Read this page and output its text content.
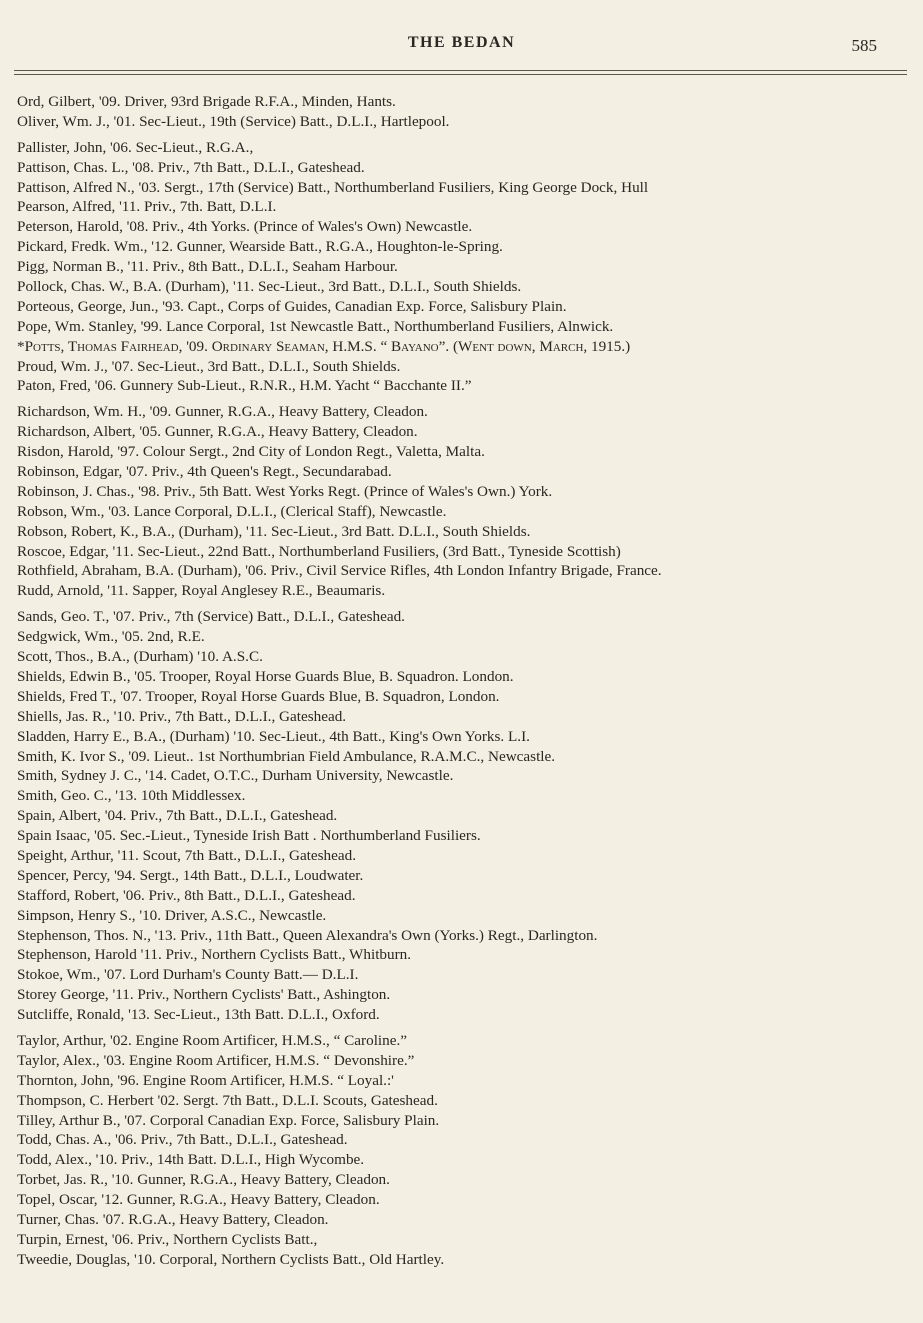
THE BEDAN	585
Ord, Gilbert, '09. Driver, 93rd Brigade R.F.A., Minden, Hants.
Oliver, Wm. J., '01. Sec-Lieut., 19th (Service) Batt., D.L.I., Hartlepool.
Pallister, John, '06. Sec-Lieut., R.G.A.,
Pattison, Chas. L., '08. Priv., 7th Batt., D.L.I., Gateshead.
Pattison, Alfred N., '03. Sergt., 17th (Service) Batt., Northumberland Fusiliers, King George Dock, Hull
Pearson, Alfred, '11. Priv., 7th. Batt, D.L.I.
Peterson, Harold, '08. Priv., 4th Yorks. (Prince of Wales's Own) Newcastle.
Pickard, Fredk. Wm., '12. Gunner, Wearside Batt., R.G.A., Houghton-le-Spring.
Pigg, Norman B., '11. Priv., 8th Batt., D.L.I., Seaham Harbour.
Pollock, Chas. W., B.A. (Durham), '11. Sec-Lieut., 3rd Batt., D.L.I., South Shields.
Porteous, George, Jun., '93. Capt., Corps of Guides, Canadian Exp. Force, Salisbury Plain.
Pope, Wm. Stanley, '99. Lance Corporal, 1st Newcastle Batt., Northumberland Fusiliers, Alnwick.
*Potts, Thomas Fairhead, '09. Ordinary Seaman, H.M.S. “ Bayano”. (Went down, March, 1915.)
Proud, Wm. J., '07. Sec-Lieut., 3rd Batt., D.L.I., South Shields.
Paton, Fred, '06. Gunnery Sub-Lieut., R.N.R., H.M. Yacht “ Bacchante II.”
Richardson, Wm. H., '09. Gunner, R.G.A., Heavy Battery, Cleadon.
Richardson, Albert, '05. Gunner, R.G.A., Heavy Battery, Cleadon.
Risdon, Harold, '97. Colour Sergt., 2nd City of London Regt., Valetta, Malta.
Robinson, Edgar, '07. Priv., 4th Queen's Regt., Secundarabad.
Robinson, J. Chas., '98. Priv., 5th Batt. West Yorks Regt. (Prince of Wales's Own.) York.
Robson, Wm., '03. Lance Corporal, D.L.I., (Clerical Staff), Newcastle.
Robson, Robert, K., B.A., (Durham), '11. Sec-Lieut., 3rd Batt. D.L.I., South Shields.
Roscoe, Edgar, '11. Sec-Lieut., 22nd Batt., Northumberland Fusiliers, (3rd Batt., Tyneside Scottish)
Rothfield, Abraham, B.A. (Durham), '06. Priv., Civil Service Rifles, 4th London Infantry Brigade, France.
Rudd, Arnold, '11. Sapper, Royal Anglesey R.E., Beaumaris.
Sands, Geo. T., '07. Priv., 7th (Service) Batt., D.L.I., Gateshead.
Sedgwick, Wm., '05. 2nd, R.E.
Scott, Thos., B.A., (Durham) '10. A.S.C.
Shields, Edwin B., '05. Trooper, Royal Horse Guards Blue, B. Squadron. London.
Shields, Fred T., '07. Trooper, Royal Horse Guards Blue, B. Squadron, London.
Shiells, Jas. R., '10. Priv., 7th Batt., D.L.I., Gateshead.
Sladden, Harry E., B.A., (Durham) '10. Sec-Lieut., 4th Batt., King's Own Yorks. L.I.
Smith, K. Ivor S., '09. Lieut.. 1st Northumbrian Field Ambulance, R.A.M.C., Newcastle.
Smith, Sydney J. C., '14. Cadet, O.T.C., Durham University, Newcastle.
Smith, Geo. C., '13. 10th Middlessex.
Spain, Albert, '04. Priv., 7th Batt., D.L.I., Gateshead.
Spain Isaac, '05. Sec.-Lieut., Tyneside Irish Batt . Northumberland Fusiliers.
Speight, Arthur, '11. Scout, 7th Batt., D.L.I., Gateshead.
Spencer, Percy, '94. Sergt., 14th Batt., D.L.I., Loudwater.
Stafford, Robert, '06. Priv., 8th Batt., D.L.I., Gateshead.
Simpson, Henry S., '10. Driver, A.S.C., Newcastle.
Stephenson, Thos. N., '13. Priv., 11th Batt., Queen Alexandra's Own (Yorks.) Regt., Darlington.
Stephenson, Harold '11. Priv., Northern Cyclists Batt., Whitburn.
Stokoe, Wm., '07. Lord Durham's County Batt.— D.L.I.
Storey George, '11. Priv., Northern Cyclists' Batt., Ashington.
Sutcliffe, Ronald, '13. Sec-Lieut., 13th Batt. D.L.I., Oxford.
Taylor, Arthur, '02. Engine Room Artificer, H.M.S., “ Caroline.”
Taylor, Alex., '03. Engine Room Artificer, H.M.S. “ Devonshire.”
Thornton, John, '96. Engine Room Artificer, H.M.S. “ Loyal.:'
Thompson, C. Herbert '02. Sergt. 7th Batt., D.L.I. Scouts, Gateshead.
Tilley, Arthur B., '07. Corporal Canadian Exp. Force, Salisbury Plain.
Todd, Chas. A., '06. Priv., 7th Batt., D.L.I., Gateshead.
Todd, Alex., '10. Priv., 14th Batt. D.L.I., High Wycombe.
Torbet, Jas. R., '10. Gunner, R.G.A., Heavy Battery, Cleadon.
Topel, Oscar, '12. Gunner, R.G.A., Heavy Battery, Cleadon.
Turner, Chas. '07. R.G.A., Heavy Battery, Cleadon.
Turpin, Ernest, '06. Priv., Northern Cyclists Batt.,
Tweedie, Douglas, '10. Corporal, Northern Cyclists Batt., Old Hartley.
